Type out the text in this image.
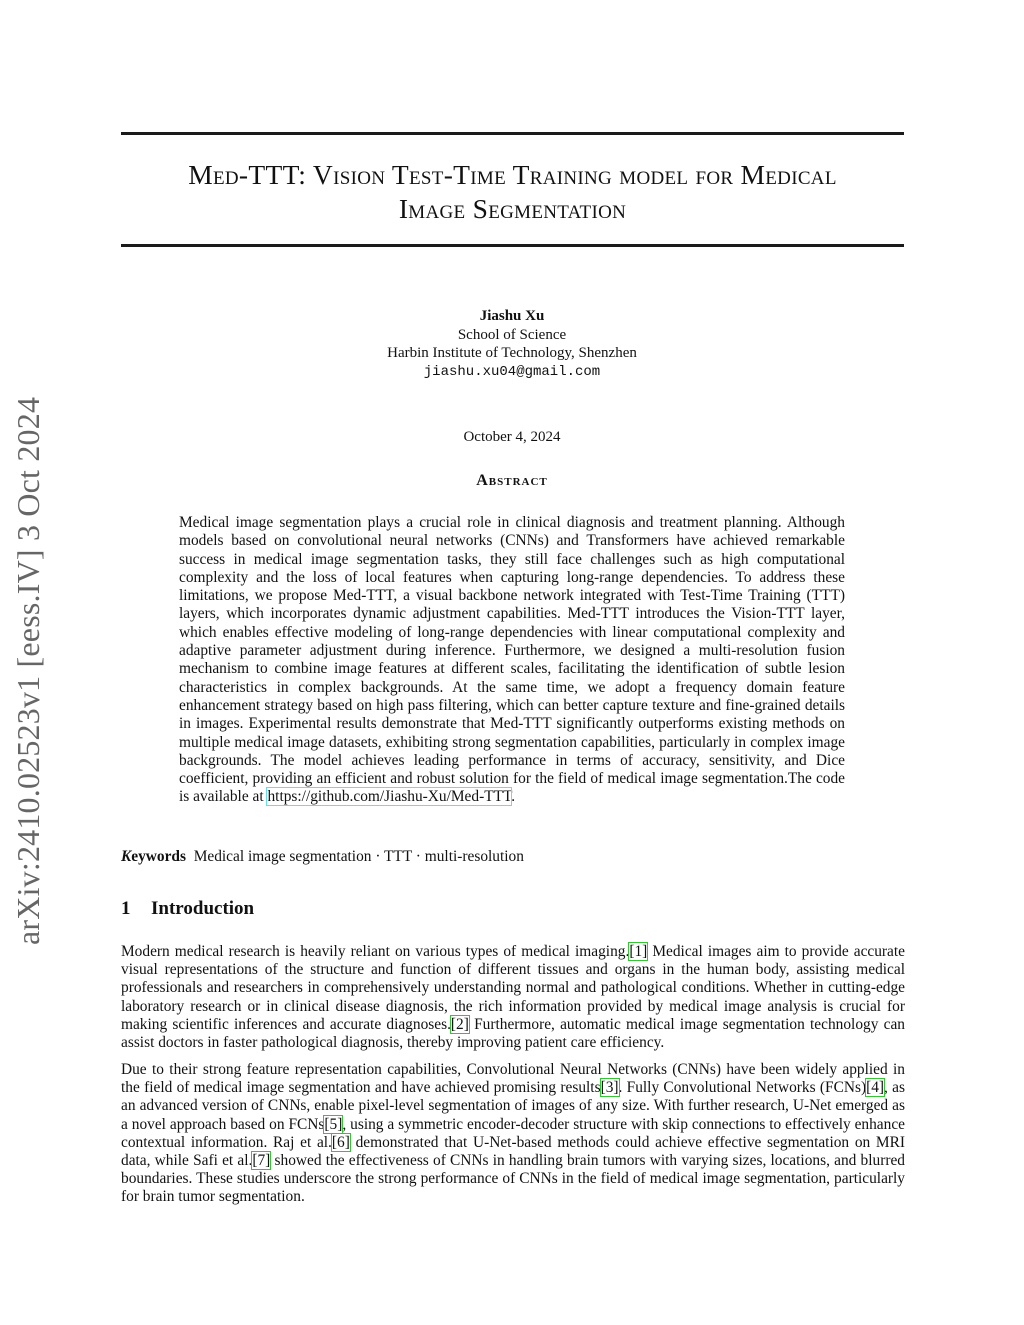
arXiv:2410.02523v1 [eess.IV] 3 Oct 2024
Med-TTT: Vision Test-Time Training model for Medical
Image Segmentation
Jiashu Xu
School of Science
Harbin Institute of Technology, Shenzhen
jiashu.xu04@gmail.com
October 4, 2024
Abstract
Medical image segmentation plays a crucial role in clinical diagnosis and treatment planning. Although models based on convolutional neural networks (CNNs) and Transformers have achieved remarkable success in medical image segmentation tasks, they still face challenges such as high computational complexity and the loss of local features when capturing long-range dependencies. To address these limitations, we propose Med-TTT, a visual backbone network integrated with Test-Time Training (TTT) layers, which incorporates dynamic adjustment capabilities. Med-TTT introduces the Vision-TTT layer, which enables effective modeling of long-range dependencies with linear computational complexity and adaptive parameter adjustment during inference. Furthermore, we designed a multi-resolution fusion mechanism to combine image features at different scales, facilitating the identification of subtle lesion characteristics in complex backgrounds. At the same time, we adopt a frequency domain feature enhancement strategy based on high pass filtering, which can better capture texture and fine-grained details in images. Experimental results demonstrate that Med-TTT significantly outperforms existing methods on multiple medical image datasets, exhibiting strong segmentation capabilities, particularly in complex image backgrounds. The model achieves leading performance in terms of accuracy, sensitivity, and Dice coefficient, providing an efficient and robust solution for the field of medical image segmentation.The code is available at https://github.com/Jiashu-Xu/Med-TTT.
Keywords Medical image segmentation · TTT · multi-resolution
1 Introduction
Modern medical research is heavily reliant on various types of medical imaging.[1] Medical images aim to provide accurate visual representations of the structure and function of different tissues and organs in the human body, assisting medical professionals and researchers in comprehensively understanding normal and pathological conditions. Whether in cutting-edge laboratory research or in clinical disease diagnosis, the rich information provided by medical image analysis is crucial for making scientific inferences and accurate diagnoses.[2] Furthermore, automatic medical image segmentation technology can assist doctors in faster pathological diagnosis, thereby improving patient care efficiency.
Due to their strong feature representation capabilities, Convolutional Neural Networks (CNNs) have been widely applied in the field of medical image segmentation and have achieved promising results[3]. Fully Convolutional Networks (FCNs)[4], as an advanced version of CNNs, enable pixel-level segmentation of images of any size. With further research, U-Net emerged as a novel approach based on FCNs[5], using a symmetric encoder-decoder structure with skip connections to effectively enhance contextual information. Raj et al.[6] demonstrated that U-Net-based methods could achieve effective segmentation on MRI data, while Safi et al.[7] showed the effectiveness of CNNs in handling brain tumors with varying sizes, locations, and blurred boundaries. These studies underscore the strong performance of CNNs in the field of medical image segmentation, particularly for brain tumor segmentation.
